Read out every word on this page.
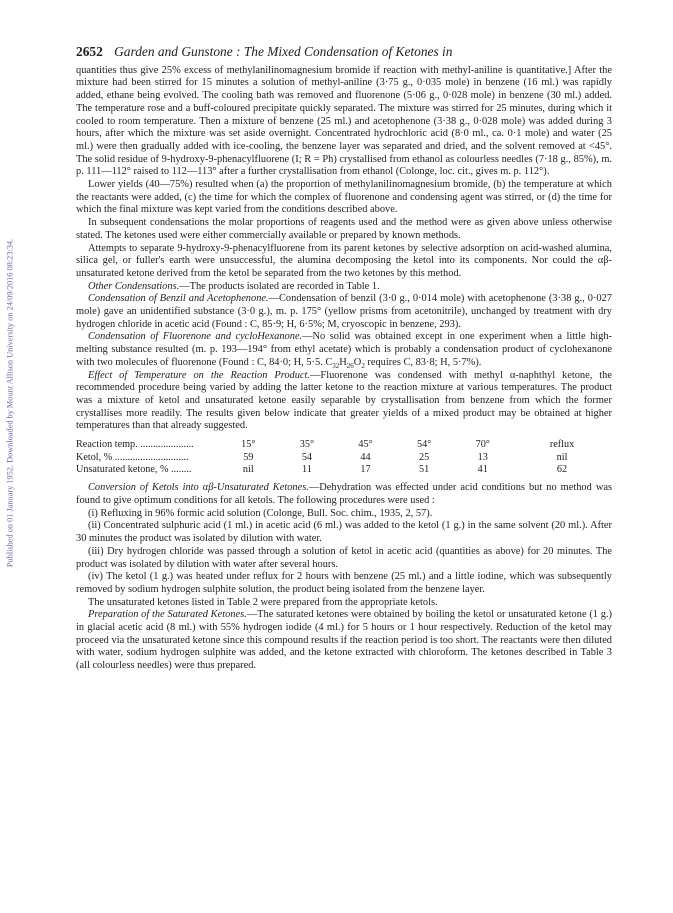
Published on 01 January 1952. Downloaded by Mount Allison University on 24/09/2016 08:23:34.
2652 Garden and Gunstone : The Mixed Condensation of Ketones in

quantities thus give 25% excess of methylanilinomagnesium bromide if reaction with methyl-aniline is quantitative.] After the mixture had been stirred for 15 minutes a solution of methyl-aniline (3·75 g., 0·035 mole) in benzene (16 ml.) was rapidly added, ethane being evolved. The cooling bath was removed and fluorenone (5·06 g., 0·028 mole) in benzene (30 ml.) added. The temperature rose and a buff-coloured precipitate quickly separated. The mixture was stirred for 25 minutes, during which it cooled to room temperature. Then a mixture of benzene (25 ml.) and acetophenone (3·38 g., 0·028 mole) was added during 3 hours, after which the mixture was set aside overnight. Concentrated hydrochloric acid (8·0 ml., ca. 0·1 mole) and water (25 ml.) were then gradually added with ice-cooling, the benzene layer was separated and dried, and the solvent removed at <45°. The solid residue of 9-hydroxy-9-phenacylfluorene (I; R = Ph) crystallised from ethanol as colourless needles (7·18 g., 85%), m. p. 111—112° raised to 112—113° after a further crystallisation from ethanol (Colonge, loc. cit., gives m. p. 112°).

Lower yields (40—75%) resulted when (a) the proportion of methylanilinomagnesium bromide, (b) the temperature at which the reactants were added, (c) the time for which the complex of fluorenone and condensing agent was stirred, or (d) the time for which the final mixture was kept varied from the conditions described above.

In subsequent condensations the molar proportions of reagents used and the method were as given above unless otherwise stated. The ketones used were either commercially available or prepared by known methods.

Attempts to separate 9-hydroxy-9-phenacylfluorene from its parent ketones by selective adsorption on acid-washed alumina, silica gel, or fuller's earth were unsuccessful, the alumina decomposing the ketol into its components. Nor could the αβ-unsaturated ketone derived from the ketol be separated from the two ketones by this method.

Other Condensations.—The products isolated are recorded in Table 1.

Condensation of Benzil and Acetophenone.—Condensation of benzil (3·0 g., 0·014 mole) with acetophenone (3·38 g., 0·027 mole) gave an unidentified substance (3·0 g.), m. p. 175° (yellow prisms from acetonitrile), unchanged by treatment with dry hydrogen chloride in acetic acid (Found : C, 85·9; H, 6·5%; M, cryoscopic in benzene, 293).

Condensation of Fluorenone and cycloHexanone.—No solid was obtained except in one experiment when a little high-melting substance resulted (m. p. 193—194° from ethyl acetate) which is probably a condensation product of cyclohexanone with two molecules of fluorenone (Found : C, 84·0; H, 5·5. $C_{32}H_{26}O_2$ requires C, 83·8; H, 5·7%).

Effect of Temperature on the Reaction Product.—Fluorenone was condensed with methyl α-naphthyl ketone, the recommended procedure being varied by adding the latter ketone to the reaction mixture at various temperatures. The product was a mixture of ketol and unsaturated ketone easily separable by crystallisation from benzene from which the former crystallises more readily. The results given below indicate that greater yields of a mixed product may be obtained at higher temperatures than that already suggested.

Reaction temp. .....................	15°	35°	45°	54°	70°	reflux
Ketol, % .............................	59	54	44	25	13	nil
Unsaturated ketone, % ........	nil	11	17	51	41	62

Conversion of Ketols into αβ-Unsaturated Ketones.—Dehydration was effected under acid conditions but no method was found to give optimum conditions for all ketols. The following procedures were used :

(i) Refluxing in 96% formic acid solution (Colonge, Bull. Soc. chim., 1935, 2, 57).

(ii) Concentrated sulphuric acid (1 ml.) in acetic acid (6 ml.) was added to the ketol (1 g.) in the same solvent (20 ml.). After 30 minutes the product was isolated by dilution with water.

(iii) Dry hydrogen chloride was passed through a solution of ketol in acetic acid (quantities as above) for 20 minutes. The product was isolated by dilution with water after several hours.

(iv) The ketol (1 g.) was heated under reflux for 2 hours with benzene (25 ml.) and a little iodine, which was subsequently removed by sodium hydrogen sulphite solution, the product being isolated from the benzene layer.

The unsaturated ketones listed in Table 2 were prepared from the appropriate ketols.

Preparation of the Saturated Ketones.—The saturated ketones were obtained by boiling the ketol or unsaturated ketone (1 g.) in glacial acetic acid (8 ml.) with 55% hydrogen iodide (4 ml.) for 5 hours or 1 hour respectively. Reduction of the ketol may proceed via the unsaturated ketone since this compound results if the reaction period is too short. The reactants were then diluted with water, sodium hydrogen sulphite was added, and the ketone extracted with chloroform. The ketones described in Table 3 (all colourless needles) were thus prepared.
